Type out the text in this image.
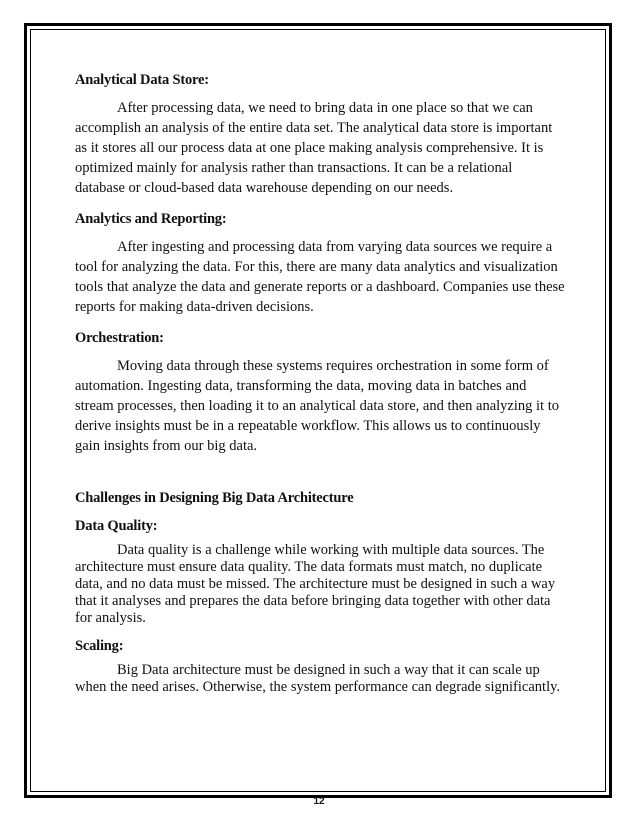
Analytical Data Store:

After processing data, we need to bring data in one place so that we can accomplish an analysis of the entire data set. The analytical data store is important as it stores all our process data at one place making analysis comprehensive. It is optimized mainly for analysis rather than transactions. It can be a relational database or cloud-based data warehouse depending on our needs.

Analytics and Reporting:

After ingesting and processing data from varying data sources we require a tool for analyzing the data. For this, there are many data analytics and visualization tools that analyze the data and generate reports or a dashboard. Companies use these reports for making data-driven decisions.

Orchestration:

Moving data through these systems requires orchestration in some form of automation. Ingesting data, transforming the data, moving data in batches and stream processes, then loading it to an analytical data store, and then analyzing it to derive insights must be in a repeatable workflow. This allows us to continuously gain insights from our big data.

Challenges in Designing Big Data Architecture
Data Quality:

Data quality is a challenge while working with multiple data sources. The architecture must ensure data quality. The data formats must match, no duplicate data, and no data must be missed. The architecture must be designed in such a way that it analyses and prepares the data before bringing data together with other data for analysis.

Scaling:

Big Data architecture must be designed in such a way that it can scale up when the need arises. Otherwise, the system performance can degrade significantly.

12
